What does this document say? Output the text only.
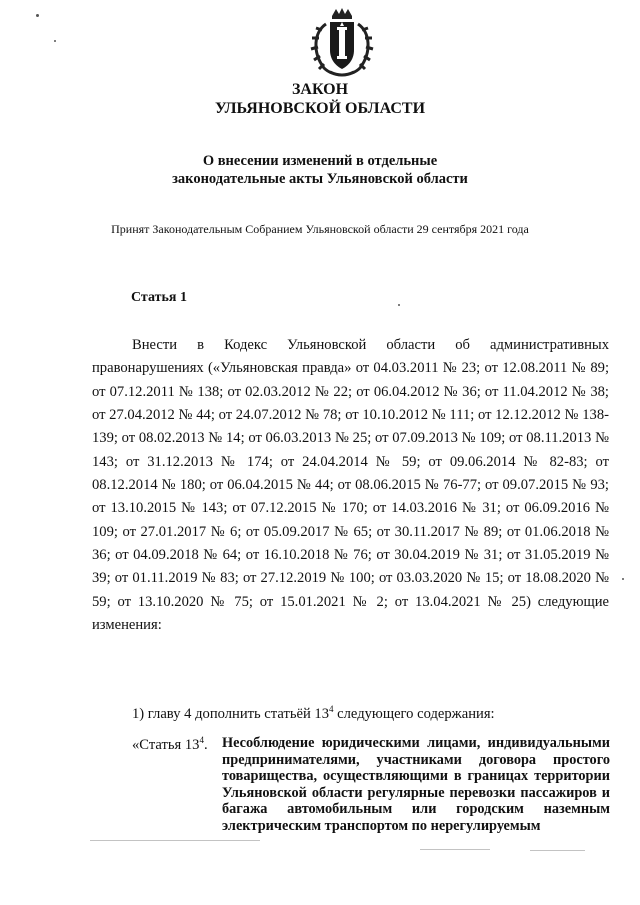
ЗАКОН
УЛЬЯНОВСКОЙ ОБЛАСТИ
О внесении изменений в отдельные
законодательные акты Ульяновской области
Принят Законодательным Собранием Ульяновской области 29 сентября 2021 года
Статья 1

Внести в Кодекс Ульяновской области об административных правонарушениях («Ульяновская правда» от 04.03.2011 № 23; от 12.08.2011 № 89; от 07.12.2011 № 138; от 02.03.2012 № 22; от 06.04.2012 № 36; от 11.04.2012 № 38; от 27.04.2012 № 44; от 24.07.2012 № 78; от 10.10.2012 № 111; от 12.12.2012 № 138-139; от 08.02.2013 № 14; от 06.03.2013 № 25; от 07.09.2013 № 109; от 08.11.2013 № 143; от 31.12.2013 № 174; от 24.04.2014 № 59; от 09.06.2014 № 82-83; от 08.12.2014 № 180; от 06.04.2015 № 44; от 08.06.2015 № 76-77; от 09.07.2015 № 93; от 13.10.2015 № 143; от 07.12.2015 № 170; от 14.03.2016 № 31; от 06.09.2016 № 109; от 27.01.2017 № 6; от 05.09.2017 № 65; от 30.11.2017 № 89; от 01.06.2018 № 36; от 04.09.2018 № 64; от 16.10.2018 № 76; от 30.04.2019 № 31; от 31.05.2019 № 39; от 01.11.2019 № 83; от 27.12.2019 № 100; от 03.03.2020 № 15; от 18.08.2020 № 59; от 13.10.2020 № 75; от 15.01.2021 № 2; от 13.04.2021 № 25) следующие изменения:

1) главу 4 дополнить статьёй $13^4$ следующего содержания:
«Статья $13^4$. Несоблюдение юридическими лицами, индивидуальными предпринимателями, участниками договора простого товарищества, осуществляющими в границах территории Ульяновской области регулярные перевозки пассажиров и багажа автомобильным или городским наземным электрическим транспортом по нерегулируемым
